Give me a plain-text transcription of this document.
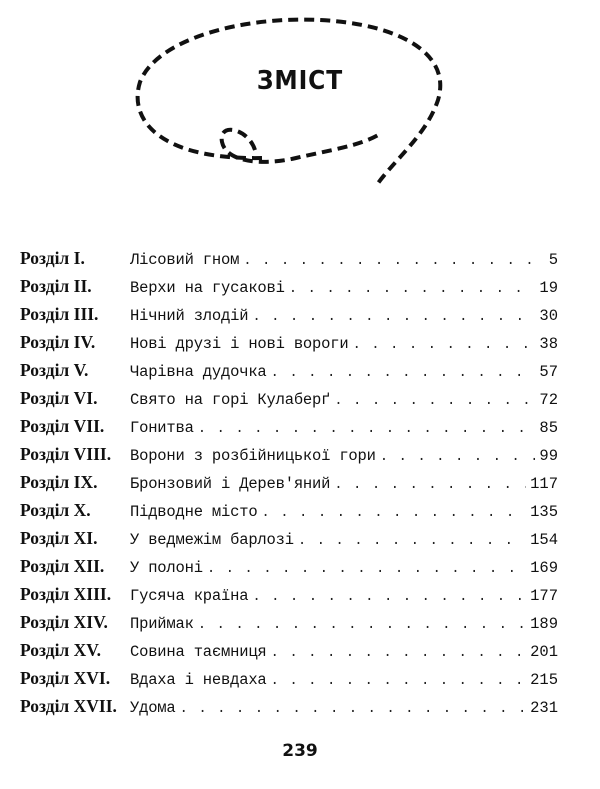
ЗМІСТ
Розділ I.	Лісовий гном . . .	5
Розділ II.	Верхи на гусакові . . .	19
Розділ III.	Нічний злодій . . .	30
Розділ IV.	Нові друзі і нові вороги . . .	38
Розділ V.	Чарівна дудочка . . .	57
Розділ VI.	Свято на горі Кулаберґ . . .	72
Розділ VII.	Гонитва . . .	85
Розділ VIII.	Ворони з розбійницької гори . . .	99
Розділ IX.	Бронзовий і Дерев'яний . . .	117
Розділ X.	Підводне місто . . .	135
Розділ XI.	У ведмежім барлозі . . .	154
Розділ XII.	У полоні . . .	169
Розділ XIII.	Гусяча країна . . .	177
Розділ XIV.	Приймак . . .	189
Розділ XV.	Совина таємниця . . .	201
Розділ XVI.	Вдаха і невдаха . . .	215
Розділ XVII. Удома . . .	231
239
